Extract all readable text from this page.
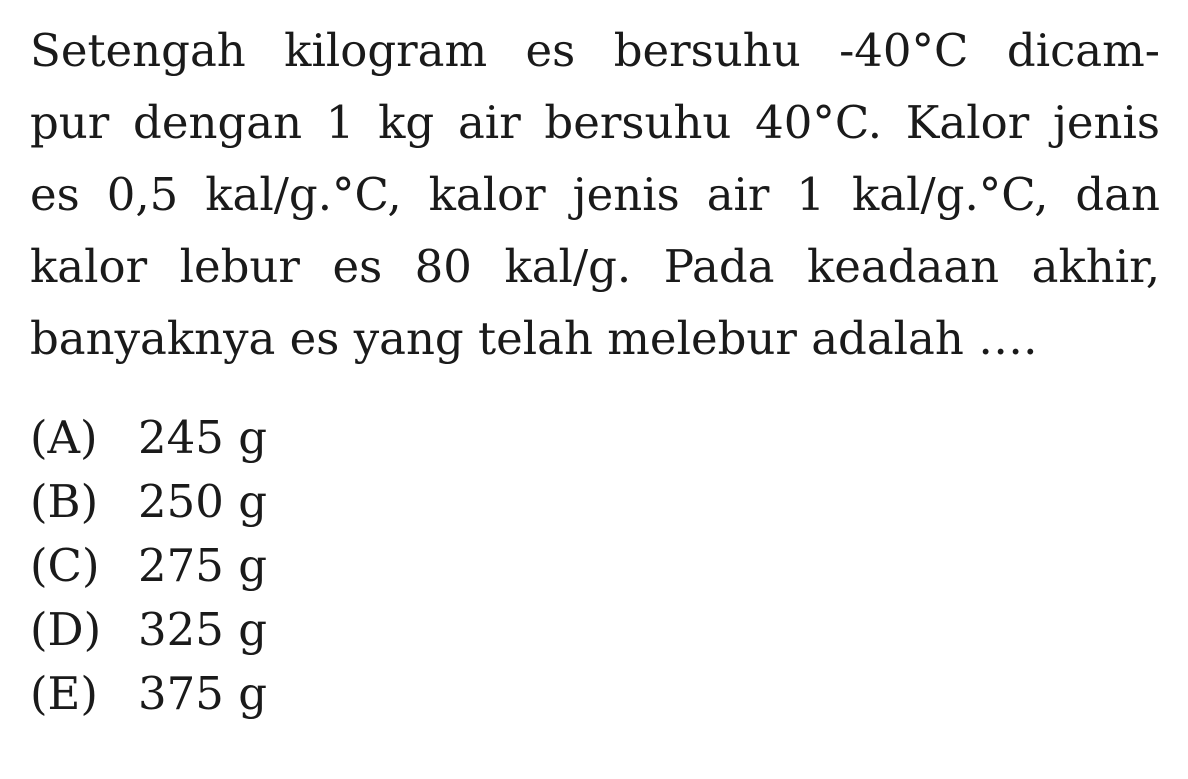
Setengah kilogram es bersuhu -40°C dicam-
pur dengan 1 kg air bersuhu 40°C. Kalor jenis
es 0,5 kal/g.°C, kalor jenis air 1 kal/g.°C, dan
kalor lebur es 80 kal/g. Pada keadaan akhir,
banyaknya es yang telah melebur adalah ….
(A) 245 g
(B) 250 g
(C) 275 g
(D) 325 g
(E) 375 g
